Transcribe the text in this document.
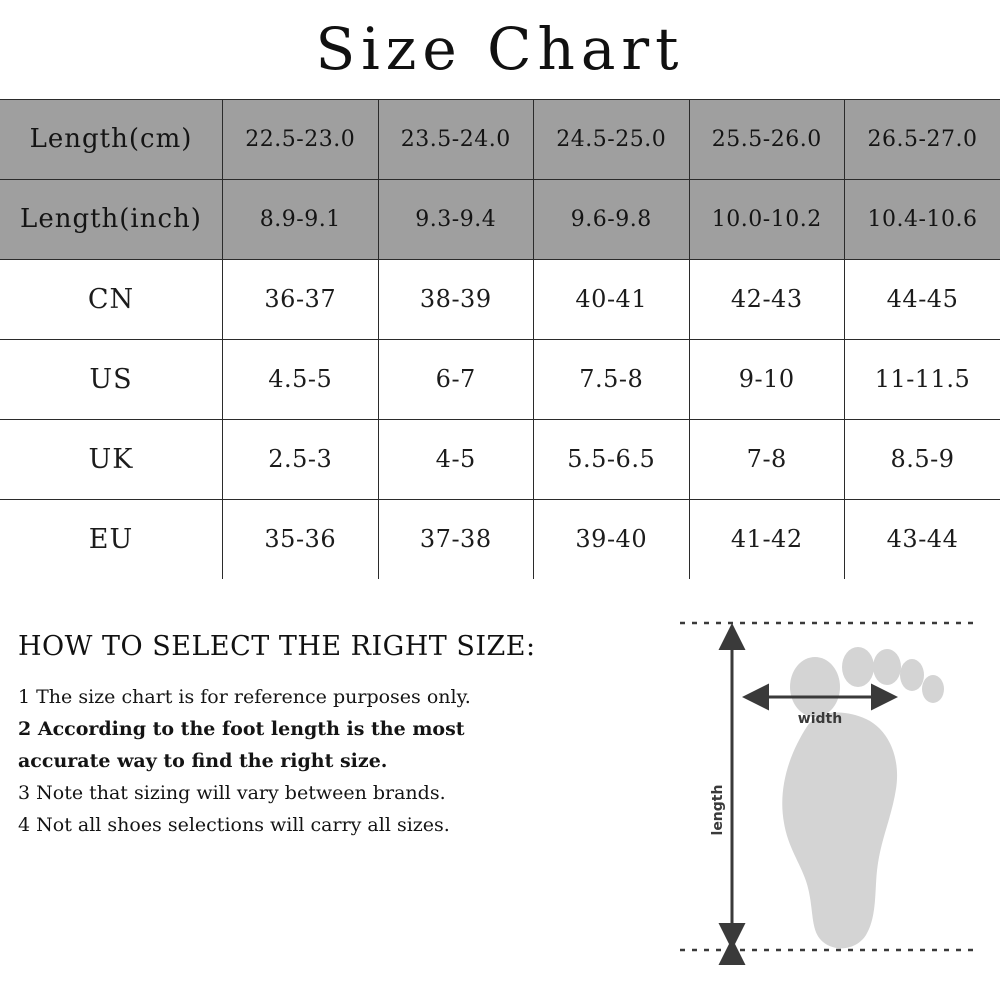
Size Chart
Length(cm)	22.5-23.0	23.5-24.0	24.5-25.0	25.5-26.0	26.5-27.0
Length(inch)	8.9-9.1	9.3-9.4	9.6-9.8	10.0-10.2	10.4-10.6
CN	36-37	38-39	40-41	42-43	44-45
US	4.5-5	6-7	7.5-8	9-10	11-11.5
UK	2.5-3	4-5	5.5-6.5	7-8	8.5-9
EU	35-36	37-38	39-40	41-42	43-44
HOW TO SELECT THE RIGHT SIZE:
1 The size chart is for reference purposes only.
2 According to the foot length is the most
accurate way to find the right size.
3 Note that sizing will vary between brands.
4 Not all shoes selections will carry all sizes.
width
length
